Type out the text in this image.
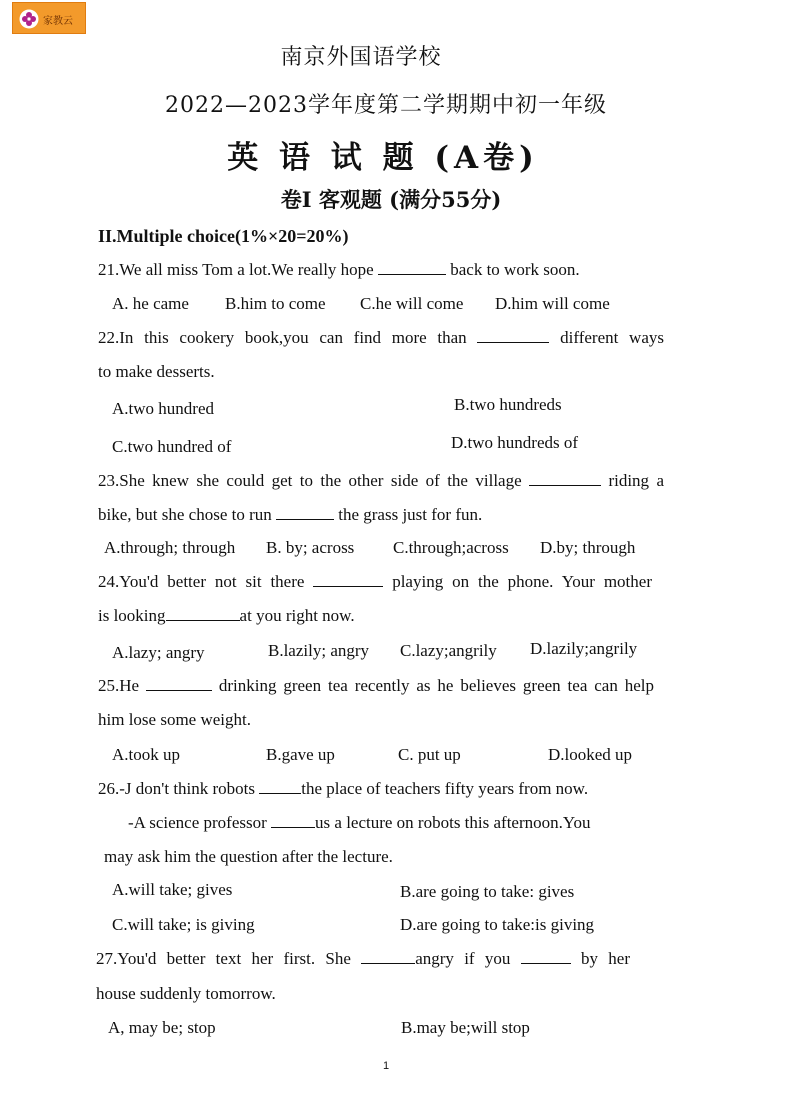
家教云
南京外国语学校
2022—2023学年度第二学期期中初一年级
英 语 试 题 (A卷)
卷I 客观题 (满分55分)
II.Multiple choice(1%×20=20%)
21.We all miss Tom a lot.We really hope	back to work soon.
A. he came B.him to come C.he will come D.him will come
22.In this cookery book,you can find more than	different ways
to make desserts.
A.two hundred	B.two hundreds
C.two hundred of	D.two hundreds of
23.She knew she could get to the other side of the village	riding a
bike, but she chose to run	the grass just for fun.
A.through; through B. by; across C.through;across D.by; through
24.You'd better not sit there	playing on the phone. Your mother
is looking	at you right now.
A.lazy; angry	B.lazily; angry C.lazy;angrily D.lazily;angrily
25.He	drinking green tea recently as he believes green tea can help
him lose some weight.
A.took up	B.gave up	C. put up	D.looked up
26.-J don't think robots the place of teachers fifty years from now.
-A science professor	us a lecture on robots this afternoon.You
may ask him the question after the lecture.
A.will take; gives	B.are going to take: gives
C.will take; is giving	D.are going to take:is giving
27.You'd better text her first. She	angry if you	by her
house suddenly tomorrow.
A, may be; stop	B.may be;will stop
1
